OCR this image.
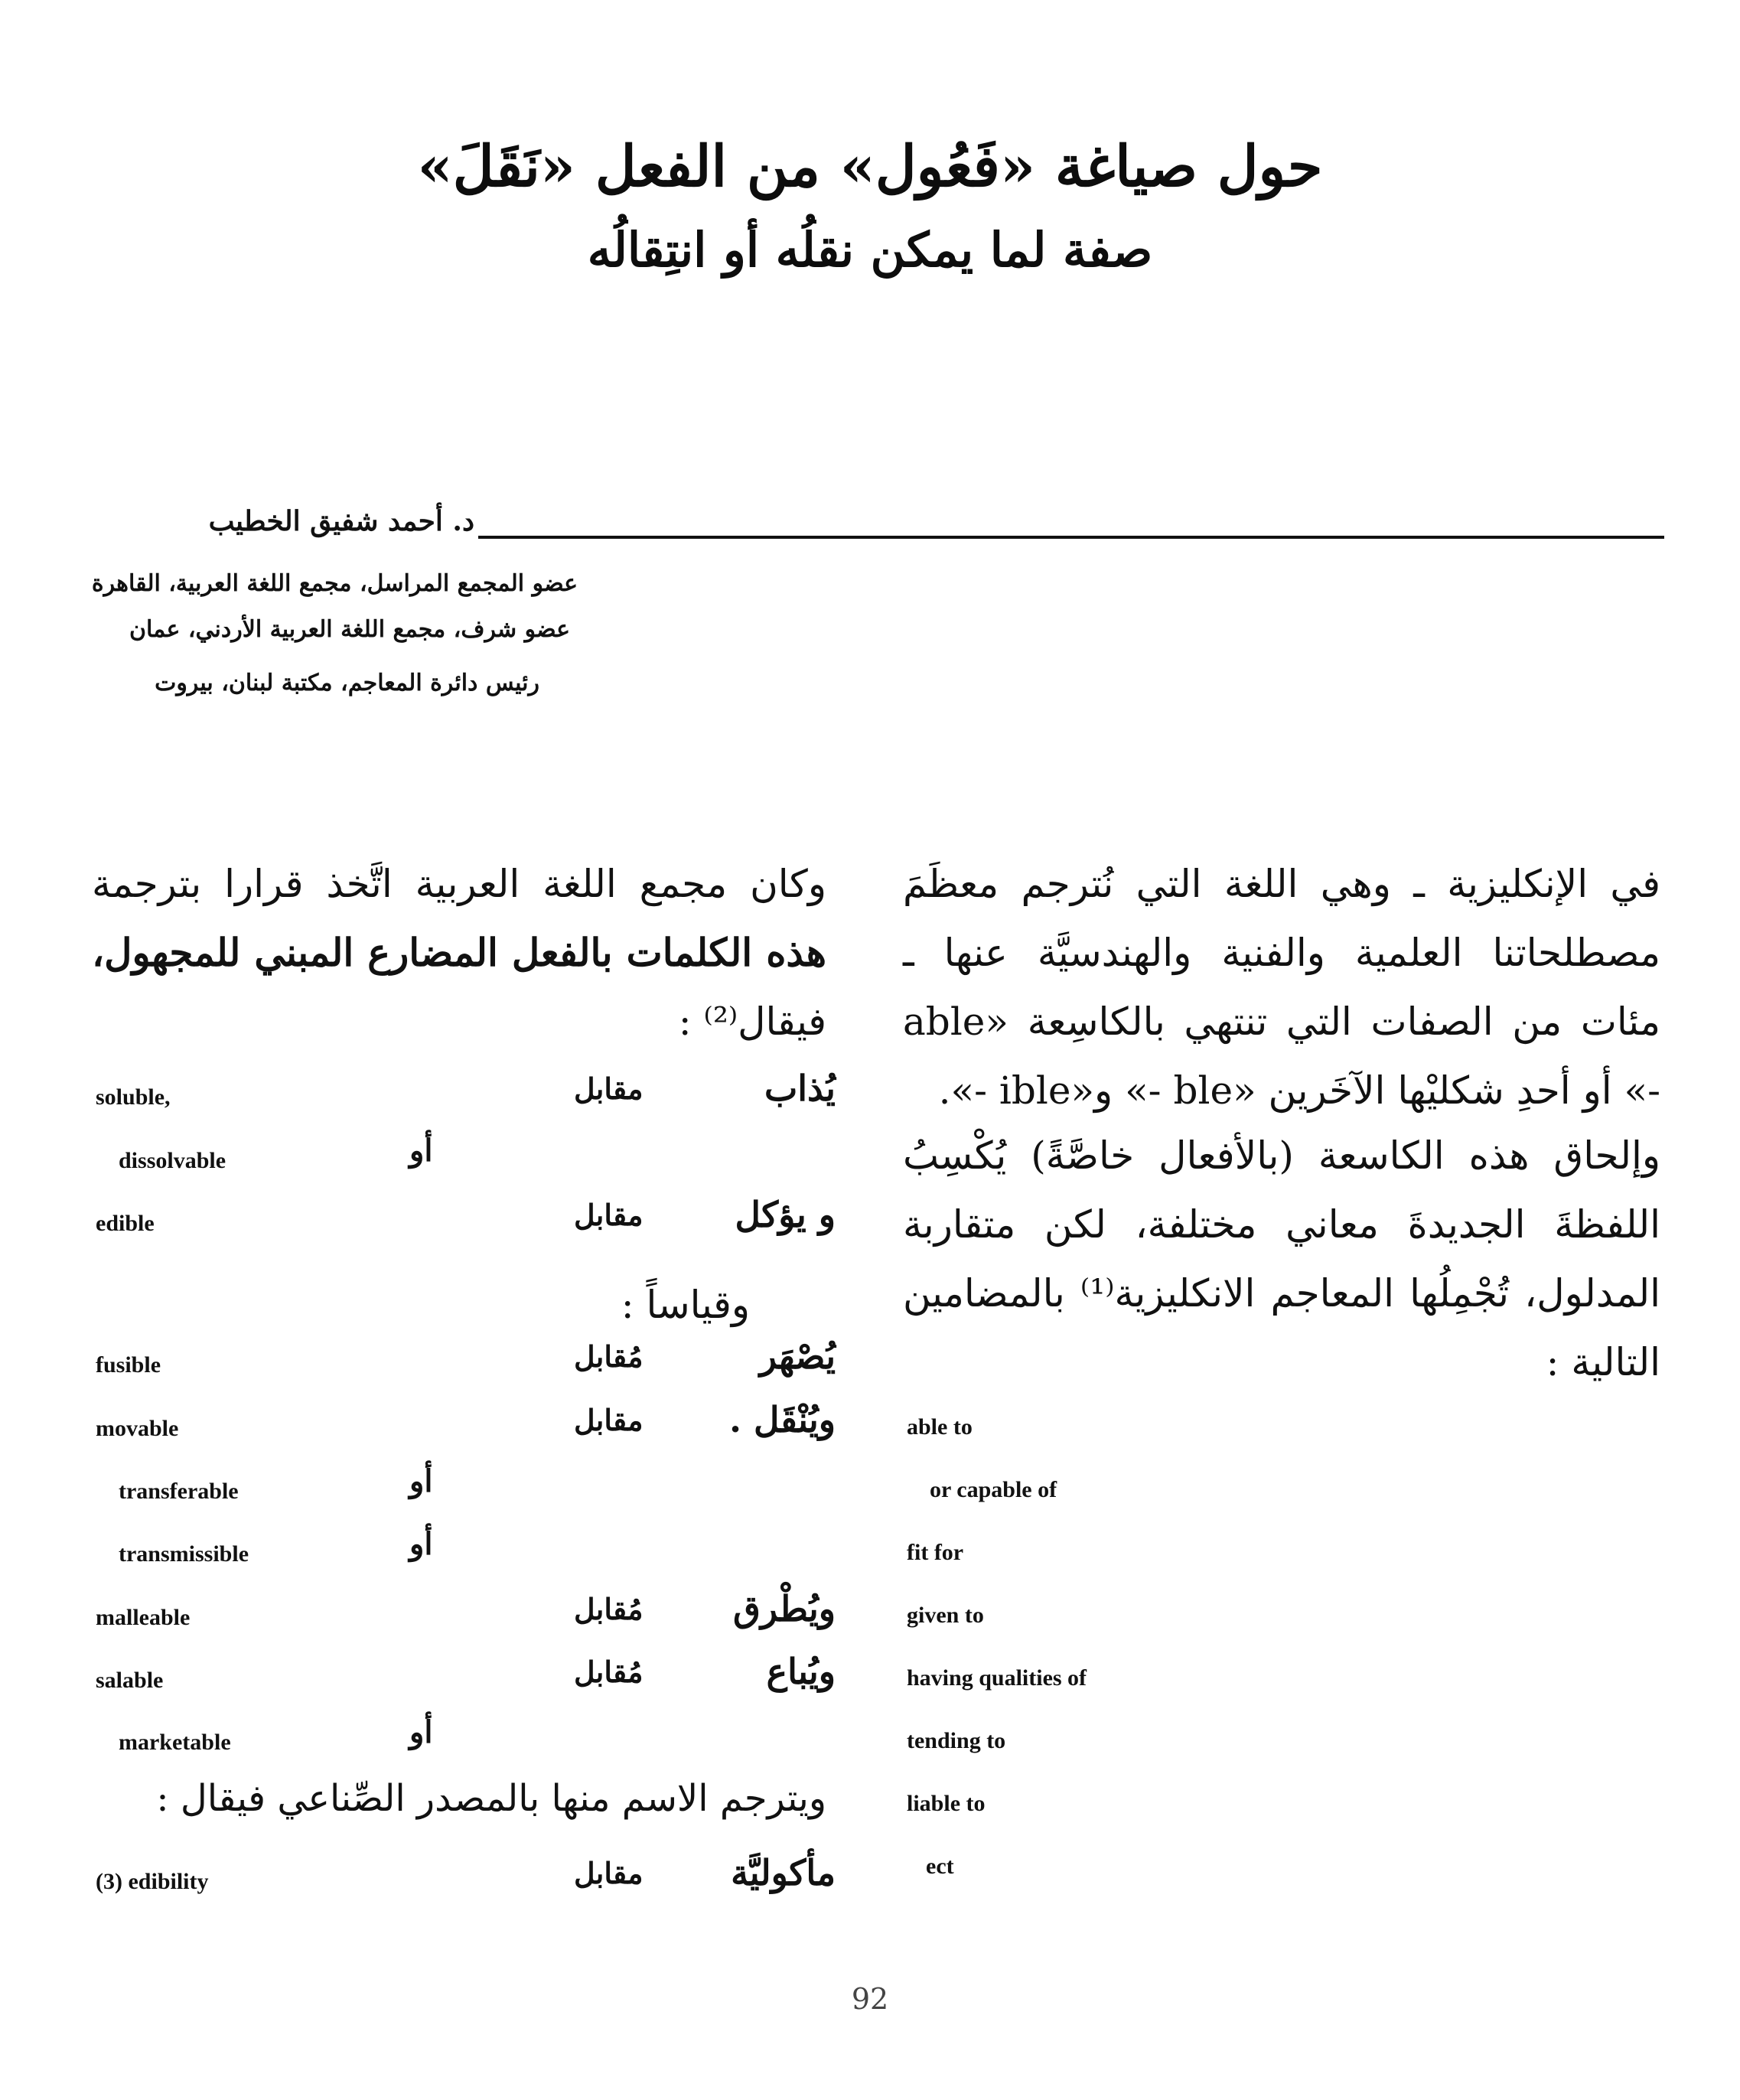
حول صياغة «فَعُول» من الفعل «نَقَلَ»
صفة لما يمكن نقلُه أو انتِقالُه
د. أحمد شفيق الخطيب
عضو المجمع المراسل، مجمع اللغة العربية، القاهرة
عضو شرف، مجمع اللغة العربية الأردني، عمان
رئيس دائرة المعاجم، مكتبة لبنان، بيروت

في الإنكليزية ـ وهي اللغة التي نُترجم معظَمَ مصطلحاتنا العلمية والفنية والهندسيَّة عنها ـ مئات من الصفات التي تنتهي بالكاسِعة «able -» أو أحدِ شكليْها الآخَرين «ble -» و«ible -».

وإلحاق هذه الكاسعة (بالأفعال خاصَّةً) يُكْسِبُ اللفظةَ الجديدةَ معاني مختلفة، لكن متقاربة المدلول، تُجْمِلُها المعاجم الانكليزية⁽¹⁾ بالمضامين التالية :

able to
or capable of
fit for
given to
having qualities of
tending to
liable to
ect

وكان مجمع اللغة العربية اتَّخذ قرارا بترجمة هذه الكلمات بالفعل المضارع المبني للمجهول، فيقال⁽²⁾ :

يُذاب
مقابل
soluble,
أو
dissolvable
و يؤكل
مقابل
edible

وقياساً :

يُصْهَر
مُقابل
fusible
ويُنْقَل .
مقابل
movable
أو
transferable
أو
transmissible
ويُطْرق
مُقابل
malleable
ويُباع
مُقابل
salable
أو
marketable

ويترجم الاسم منها بالمصدر الصِّناعي فيقال :

مأكوليَّة
مقابل
(3) edibility
92
